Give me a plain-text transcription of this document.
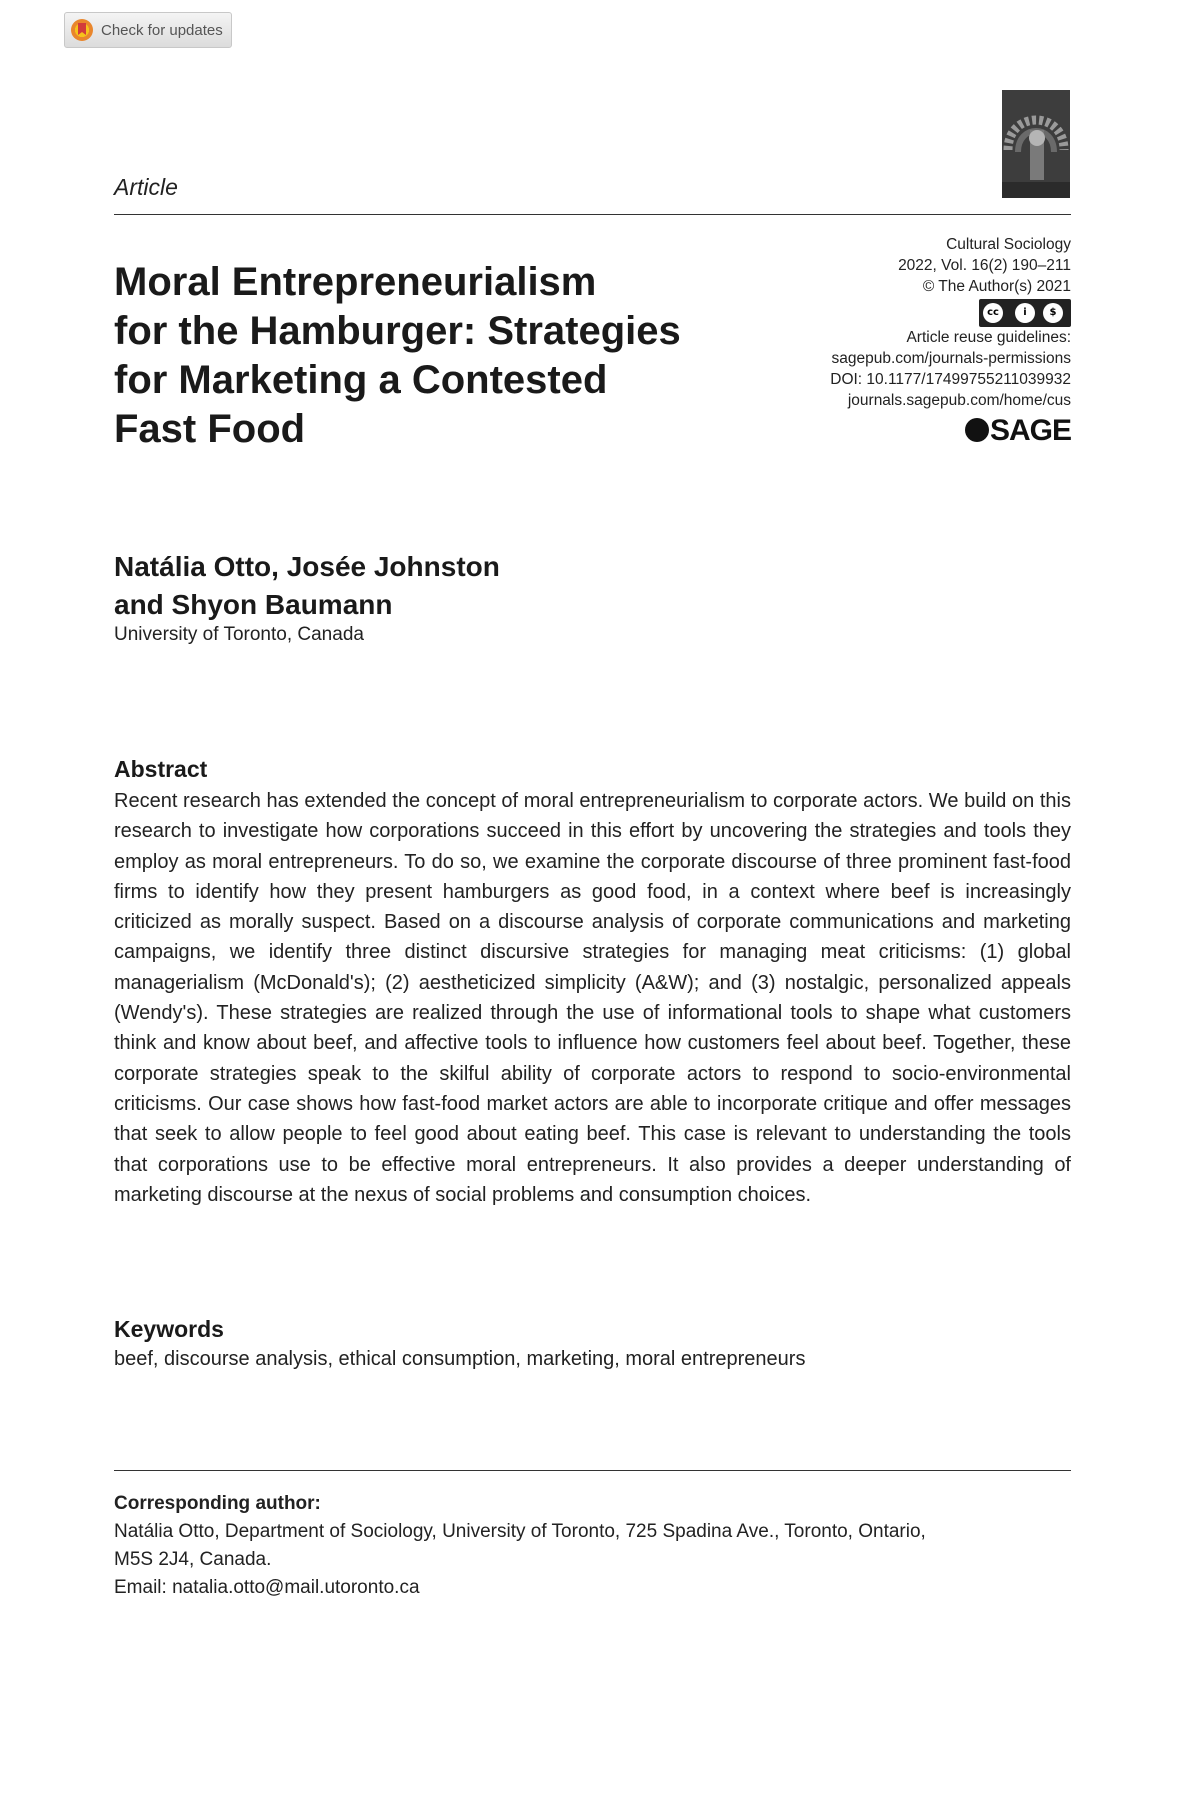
Check for updates
Article
Moral Entrepreneurialism
for the Hamburger: Strategies
for Marketing a Contested
Fast Food
Cultural Sociology
2022, Vol. 16(2) 190–211
© The Author(s) 2021
cc	i	$
Article reuse guidelines:
sagepub.com/journals-permissions
DOI: 10.1177/17499755211039932
journals.sagepub.com/home/cus
SAGE
Natália Otto, Josée Johnston
and Shyon Baumann
University of Toronto, Canada
Abstract
Recent research has extended the concept of moral entrepreneurialism to corporate actors. We build on this research to investigate how corporations succeed in this effort by uncovering the strategies and tools they employ as moral entrepreneurs. To do so, we examine the corporate discourse of three prominent fast-food firms to identify how they present hamburgers as good food, in a context where beef is increasingly criticized as morally suspect. Based on a discourse analysis of corporate communications and marketing campaigns, we identify three distinct discursive strategies for managing meat criticisms: (1) global managerialism (McDonald's); (2) aestheticized simplicity (A&W); and (3) nostalgic, personalized appeals (Wendy's). These strategies are realized through the use of informational tools to shape what customers think and know about beef, and affective tools to influence how customers feel about beef. Together, these corporate strategies speak to the skilful ability of corporate actors to respond to socio-environmental criticisms. Our case shows how fast-food market actors are able to incorporate critique and offer messages that seek to allow people to feel good about eating beef. This case is relevant to understanding the tools that corporations use to be effective moral entrepreneurs. It also provides a deeper understanding of marketing discourse at the nexus of social problems and consumption choices.
Keywords
beef, discourse analysis, ethical consumption, marketing, moral entrepreneurs
Corresponding author:
Natália Otto, Department of Sociology, University of Toronto, 725 Spadina Ave., Toronto, Ontario,
M5S 2J4, Canada.
Email: natalia.otto@mail.utoronto.ca
